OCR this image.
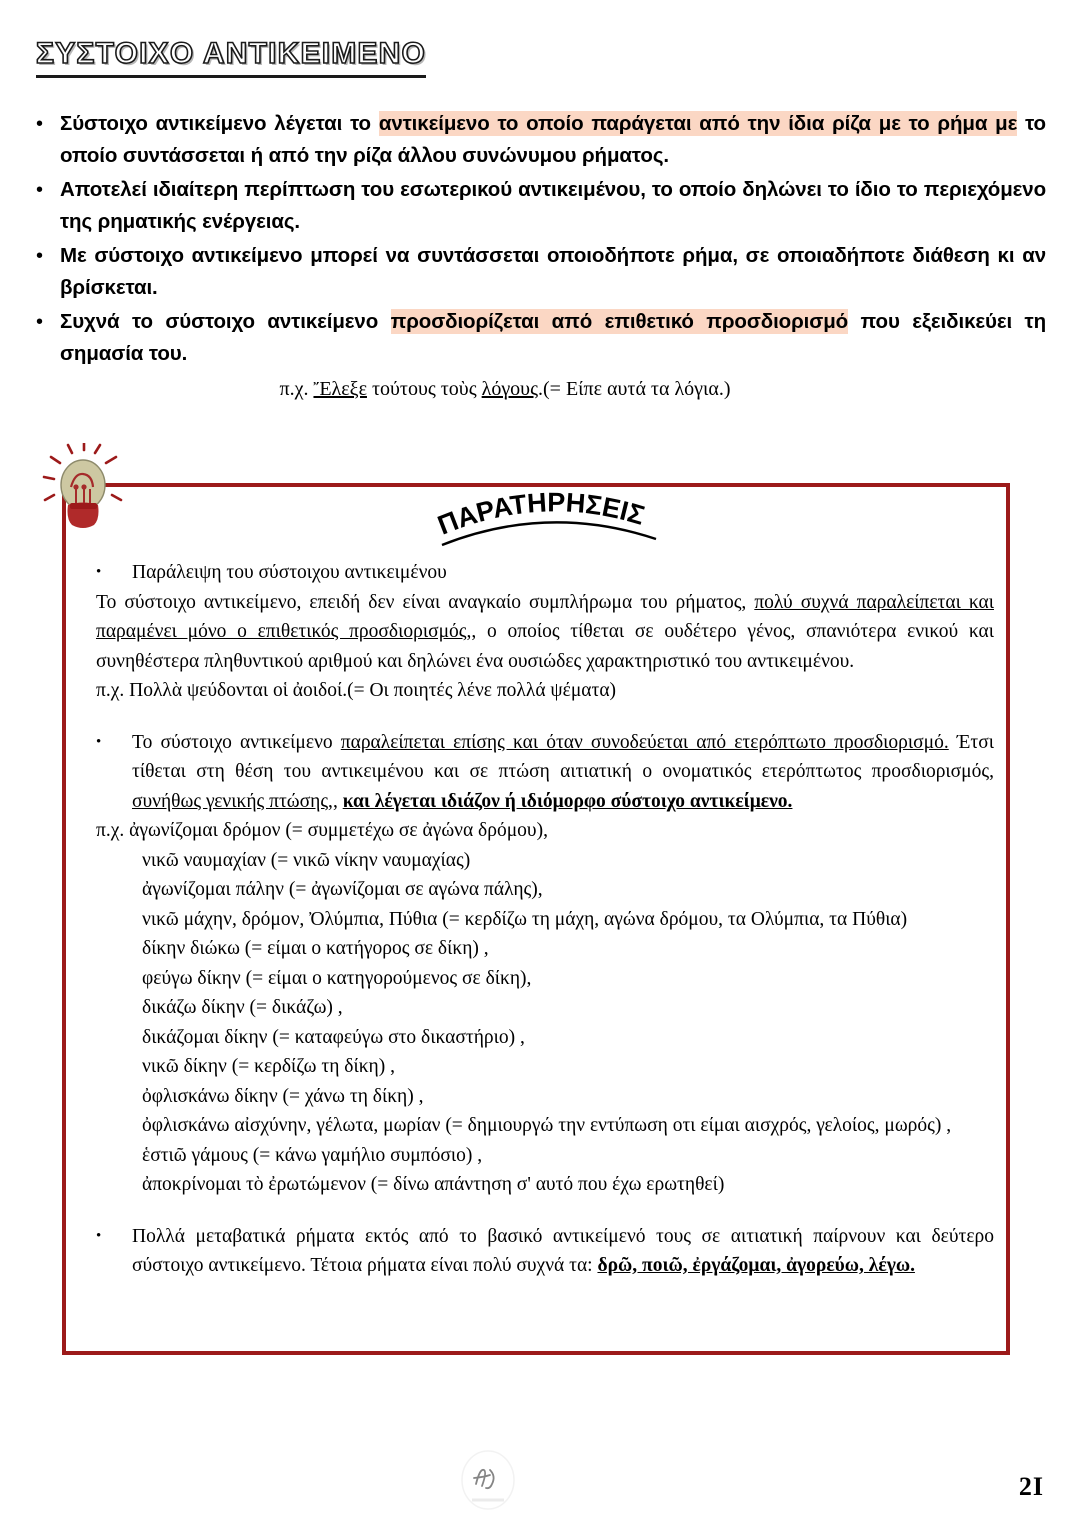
ΣΥΣΤΟΙΧΟ ΑΝΤΙΚΕΙΜΕΝΟ
• Σύστοιχο αντικείμενο λέγεται το αντικείμενο το οποίο παράγεται από την ίδια ρίζα με το ρήμα με το οποίο συντάσσεται ή από την ρίζα άλλου συνώνυμου ρήματος.
• Αποτελεί ιδιαίτερη περίπτωση του εσωτερικού αντικειμένου, το οποίο δηλώνει το ίδιο το περιεχόμενο της ρηματικής ενέργειας.
• Με σύστοιχο αντικείμενο μπορεί να συντάσσεται οποιοδήποτε ρήμα, σε οποιαδήποτε διάθεση κι αν βρίσκεται.
• Συχνά το σύστοιχο αντικείμενο προσδιορίζεται από επιθετικό προσδιορισμό που εξειδικεύει τη σημασία του.
π.χ. Ἔλεξε τούτους τοὺς λόγους.(= Είπε αυτά τα λόγια.)
ΠΑΡΑΤΗΡΗΣΕΙΣ
•	Παράλειψη του σύστοιχου αντικειμένου
Το σύστοιχο αντικείμενο, επειδή δεν είναι αναγκαίο συμπλήρωμα του ρήματος, πολύ συχνά παραλείπεται και παραμένει μόνο ο επιθετικός προσδιορισμός,, ο οποίος τίθεται σε ουδέτερο γένος, σπανιότερα ενικού και συνηθέστερα πληθυντικού αριθμού και δηλώνει ένα ουσιώδες χαρακτηριστικό του αντικειμένου.
π.χ. Πολλὰ ψεύδονται οἱ ἀοιδοί.(= Οι ποιητές λένε πολλά ψέματα)
•	Το σύστοιχο αντικείμενο παραλείπεται επίσης και όταν συνοδεύεται από ετερόπτωτο προσδιορισμό. Έτσι τίθεται στη θέση του αντικειμένου και σε πτώση αιτιατική ο ονοματικός ετερόπτωτος προσδιορισμός, συνήθως γενικής πτώσης,, και λέγεται ιδιάζον ή ιδιόμορφο σύστοιχο αντικείμενο.
π.χ. ἀγωνίζομαι δρόμον (= συμμετέχω σε ἀγώνα δρόμου),
νικῶ ναυμαχίαν (= νικῶ νίκην ναυμαχίας)
ἀγωνίζομαι πάλην (= ἀγωνίζομαι σε αγώνα πάλης),
νικῶ μάχην, δρόμον, Ὀλύμπια, Πύθια (= κερδίζω τη μάχη, αγώνα δρόμου, τα Ολύμπια, τα Πύθια)
δίκην διώκω (= είμαι ο κατήγορος σε δίκη) ,
φεύγω δίκην (= είμαι ο κατηγορούμενος σε δίκη),
δικάζω δίκην (= δικάζω) ,
δικάζομαι δίκην (= καταφεύγω στο δικαστήριο) ,
νικῶ δίκην (= κερδίζω τη δίκη) ,
ὀφλισκάνω δίκην (= χάνω τη δίκη) ,
ὀφλισκάνω αἰσχύνην, γέλωτα, μωρίαν (= δημιουργώ την εντύπωση οτι είμαι αισχρός, γελοίος, μωρός) ,
ἑστιῶ γάμους (= κάνω γαμήλιο συμπόσιο) ,
ἀποκρίνομαι τὸ ἐρωτώμενον (= δίνω απάντηση σ' αυτό που έχω ερωτηθεί)
•	Πολλά μεταβατικά ρήματα εκτός από το βασικό αντικείμενό τους σε αιτιατική παίρνουν και δεύτερο σύστοιχο αντικείμενο. Τέτοια ρήματα είναι πολύ συχνά τα: δρῶ, ποιῶ, ἐργάζομαι, ἀγορεύω, λέγω.
2I
